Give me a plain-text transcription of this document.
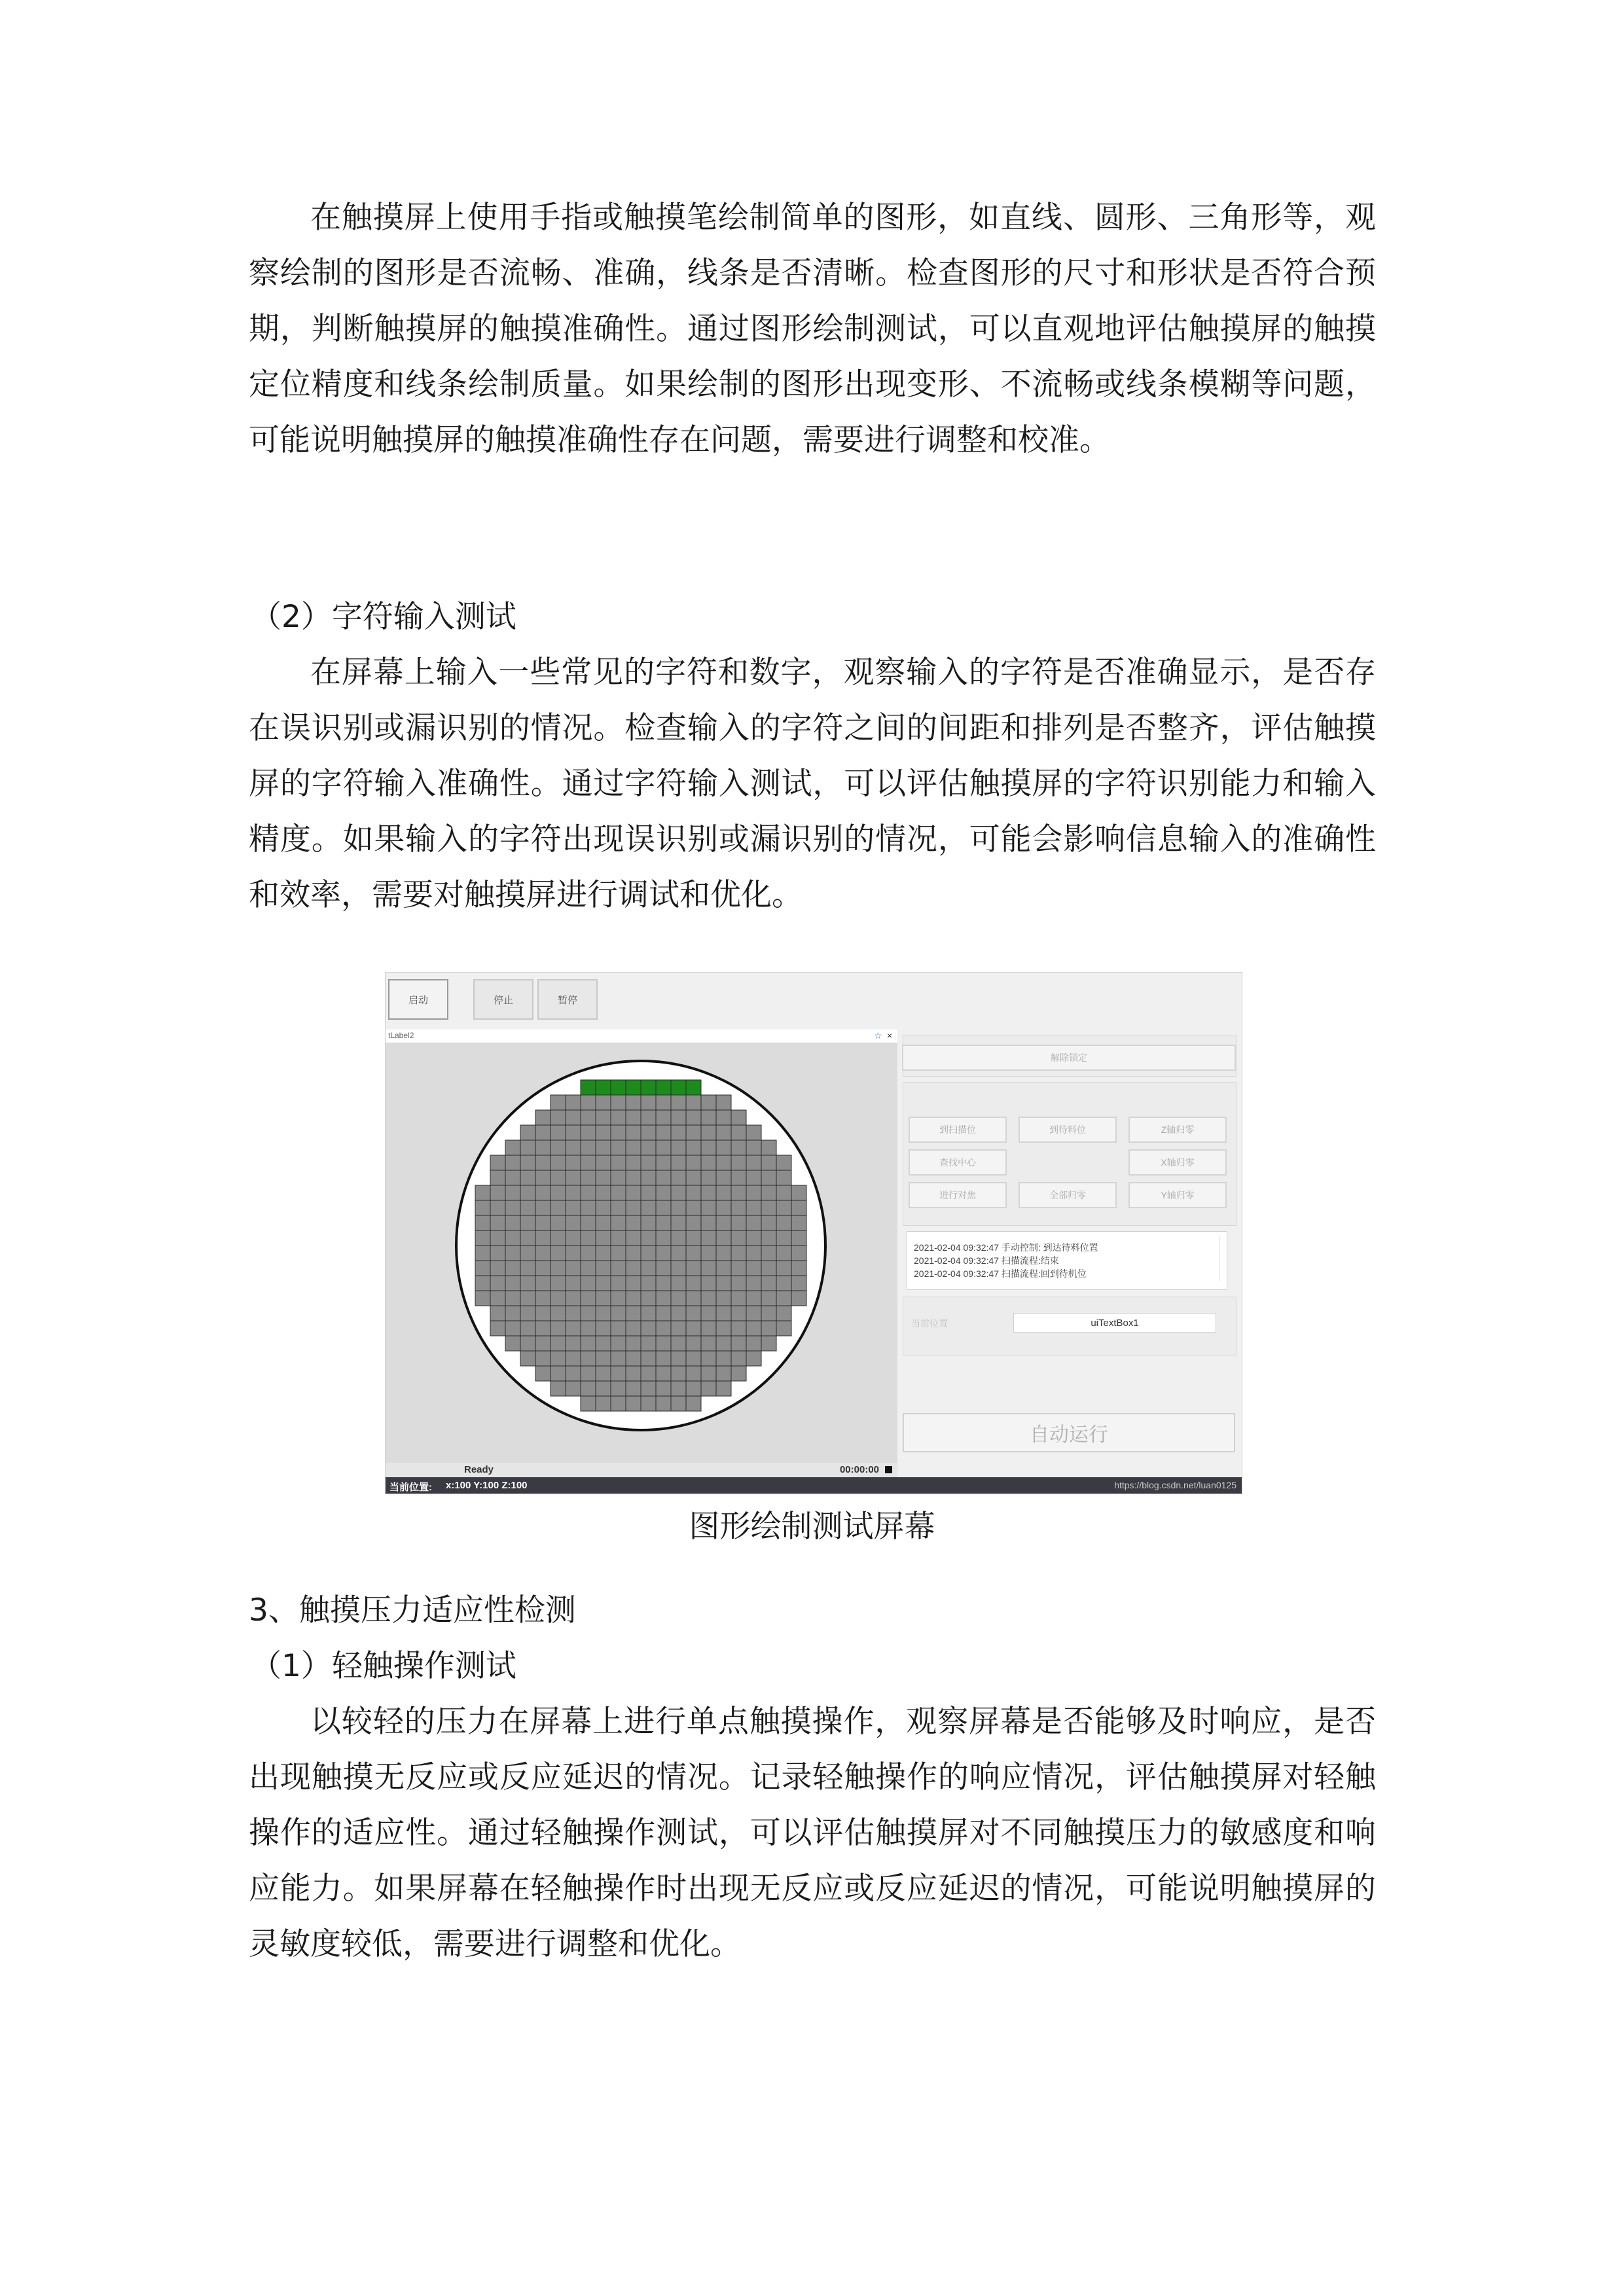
在触摸屏上使用手指或触摸笔绘制简单的图形，如直线、圆形、三角形等，观察绘制的图形是否流畅、准确，线条是否清晰。检查图形的尺寸和形状是否符合预期，判断触摸屏的触摸准确性。通过图形绘制测试，可以直观地评估触摸屏的触摸定位精度和线条绘制质量。如果绘制的图形出现变形、不流畅或线条模糊等问题，可能说明触摸屏的触摸准确性存在问题，需要进行调整和校准。

（2）字符输入测试

在屏幕上输入一些常见的字符和数字，观察输入的字符是否准确显示，是否存在误识别或漏识别的情况。检查输入的字符之间的间距和排列是否整齐，评估触摸屏的字符输入准确性。通过字符输入测试，可以评估触摸屏的字符识别能力和输入精度。如果输入的字符出现误识别或漏识别的情况，可能会影响信息输入的准确性和效率，需要对触摸屏进行调试和优化。

启动	停止	暂停
tLabel2	☆ ×
解除锁定
到扫描位	到待料位	Z轴归零
查找中心	X轴归零
进行对焦	全部归零	Y轴归零
2021-02-04 09:32:47 手动控制: 到达待料位置
2021-02-04 09:32:47 扫描流程:结束
2021-02-04 09:32:47 扫描流程:回到待机位
当前位置	uiTextBox1
自动运行
Ready	00:00:00
当前位置: x:100 Y:100 Z:100	https://blog.csdn.net/luan0125
图形绘制测试屏幕
3、触摸压力适应性检测
（1）轻触操作测试

以较轻的压力在屏幕上进行单点触摸操作，观察屏幕是否能够及时响应，是否出现触摸无反应或反应延迟的情况。记录轻触操作的响应情况，评估触摸屏对轻触操作的适应性。通过轻触操作测试，可以评估触摸屏对不同触摸压力的敏感度和响应能力。如果屏幕在轻触操作时出现无反应或反应延迟的情况，可能说明触摸屏的灵敏度较低，需要进行调整和优化。
